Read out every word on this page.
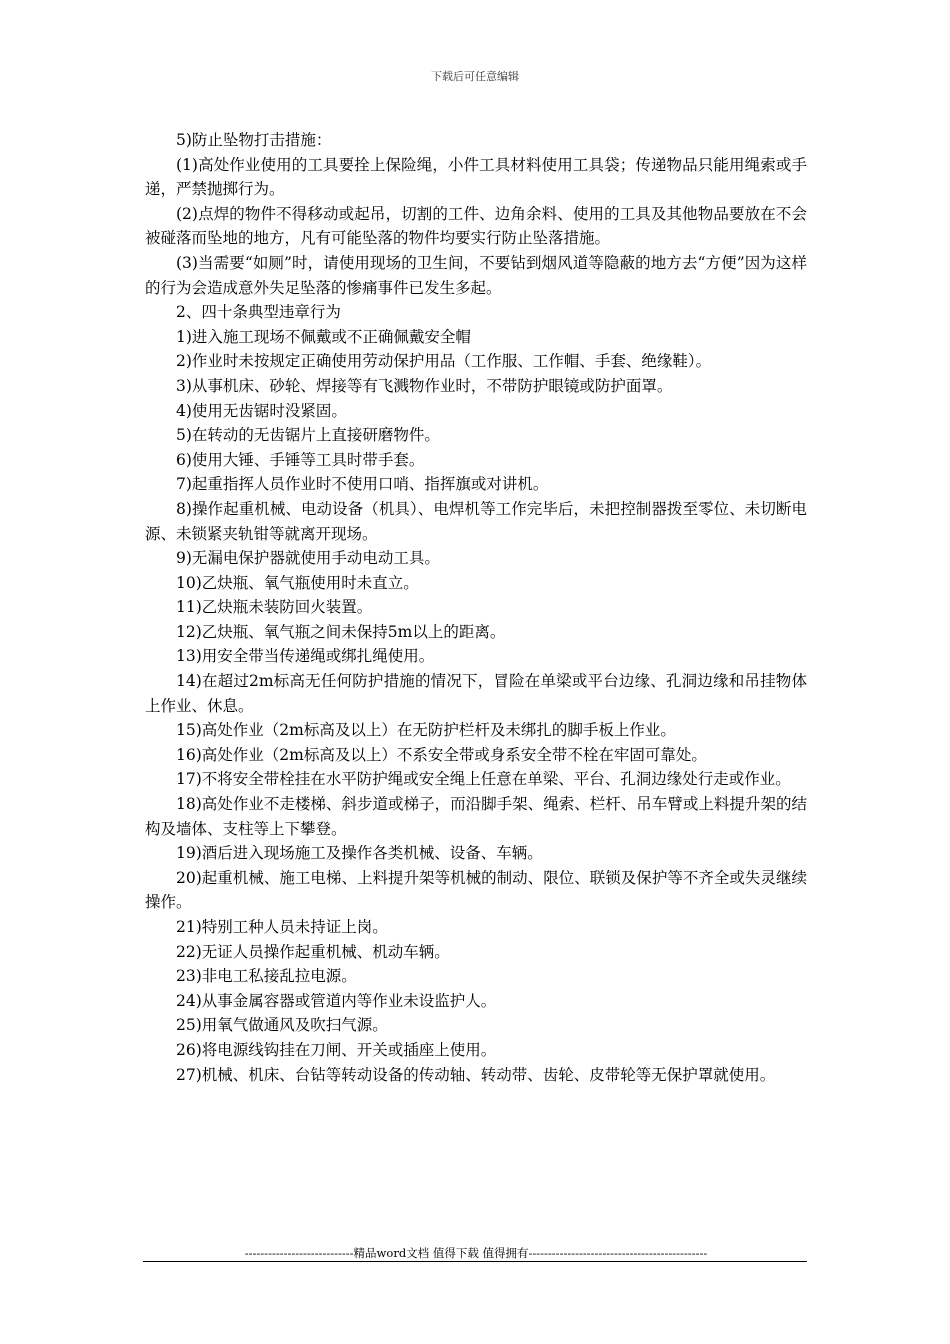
下载后可任意编辑

5)防止坠物打击措施：

(1)高处作业使用的工具要拴上保险绳，小件工具材料使用工具袋；传递物品只能用绳索或手递，严禁抛掷行为。

(2)点焊的物件不得移动或起吊，切割的工件、边角余料、使用的工具及其他物品要放在不会被碰落而坠地的地方，凡有可能坠落的物件均要实行防止坠落措施。

(3)当需要“如厕”时，请使用现场的卫生间，不要钻到烟风道等隐蔽的地方去“方便”因为这样的行为会造成意外失足坠落的惨痛事件已发生多起。

2、四十条典型违章行为

1)进入施工现场不佩戴或不正确佩戴安全帽

2)作业时未按规定正确使用劳动保护用品（工作服、工作帽、手套、绝缘鞋）。

3)从事机床、砂轮、焊接等有飞溅物作业时，不带防护眼镜或防护面罩。

4)使用无齿锯时没紧固。

5)在转动的无齿锯片上直接研磨物件。

6)使用大锤、手锤等工具时带手套。

7)起重指挥人员作业时不使用口哨、指挥旗或对讲机。

8)操作起重机械、电动设备（机具）、电焊机等工作完毕后，未把控制器拨至零位、未切断电源、未锁紧夹轨钳等就离开现场。

9)无漏电保护器就使用手动电动工具。

10)乙炔瓶、氧气瓶使用时未直立。

11)乙炔瓶未装防回火装置。

12)乙炔瓶、氧气瓶之间未保持5m以上的距离。

13)用安全带当传递绳或绑扎绳使用。

14)在超过2m标高无任何防护措施的情况下，冒险在单梁或平台边缘、孔洞边缘和吊挂物体上作业、休息。

15)高处作业（2m标高及以上）在无防护栏杆及未绑扎的脚手板上作业。

16)高处作业（2m标高及以上）不系安全带或身系安全带不栓在牢固可靠处。

17)不将安全带栓挂在水平防护绳或安全绳上任意在单梁、平台、孔洞边缘处行走或作业。

18)高处作业不走楼梯、斜步道或梯子，而沿脚手架、绳索、栏杆、吊车臂或上料提升架的结构及墙体、支柱等上下攀登。

19)酒后进入现场施工及操作各类机械、设备、车辆。

20)起重机械、施工电梯、上料提升架等机械的制动、限位、联锁及保护等不齐全或失灵继续操作。

21)特别工种人员未持证上岗。

22)无证人员操作起重机械、机动车辆。

23)非电工私接乱拉电源。

24)从事金属容器或管道内等作业未设监护人。

25)用氧气做通风及吹扫气源。

26)将电源线钩挂在刀闸、开关或插座上使用。

27)机械、机床、台钻等转动设备的传动轴、转动带、齿轮、皮带轮等无保护罩就使用。

----------------------------精品word文档 值得下载 值得拥有----------------------------------------------
